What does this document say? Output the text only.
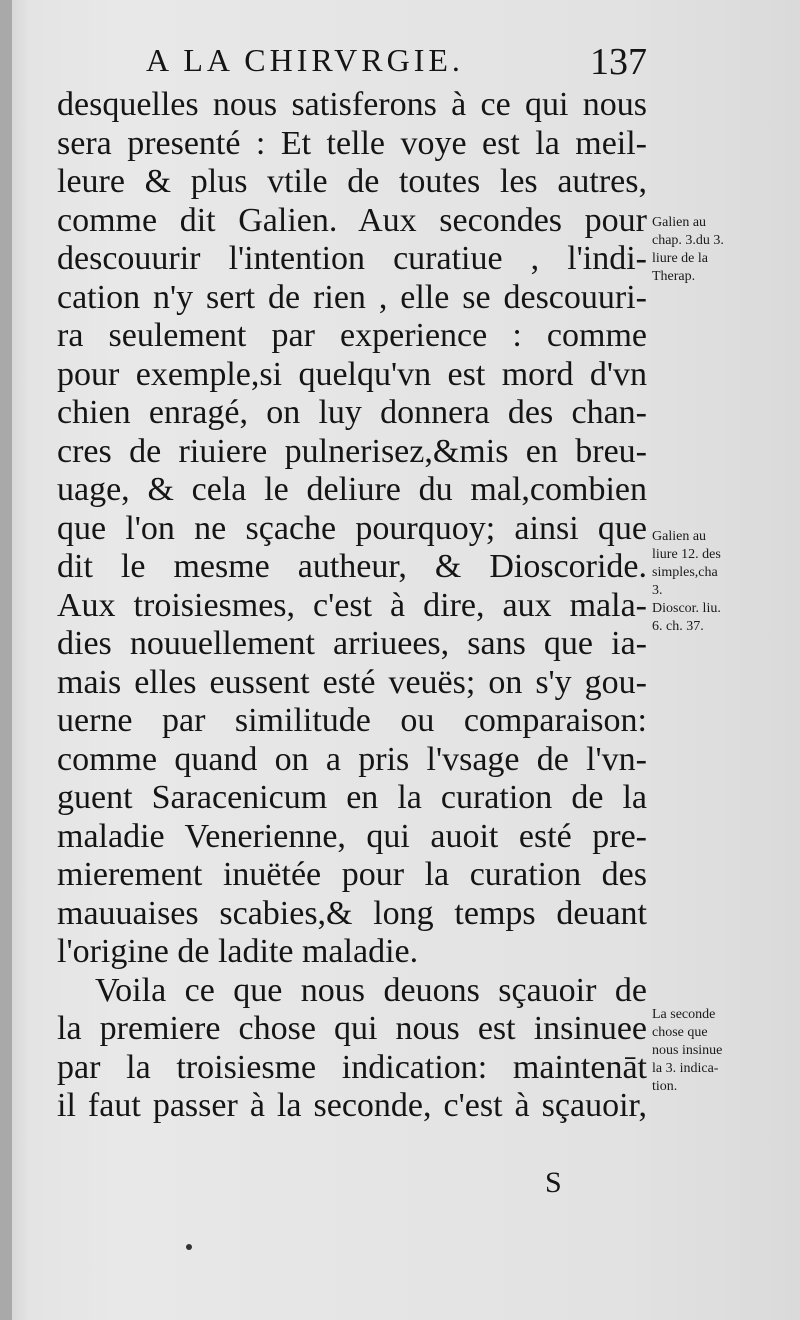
A LA CHIRVRGIE.	137
desquelles nous satisferons à ce qui nous
sera presenté : Et telle voye est la meil-
leure & plus vtile de toutes les autres,
comme dit Galien. Aux secondes pour
descouurir l'intention curatiue , l'indi-
cation n'y sert de rien , elle se descouuri-
ra seulement par experience : comme
pour exemple,si quelqu'vn est mord d'vn
chien enragé, on luy donnera des chan-
cres de riuiere pulnerisez,&mis en breu-
uage, & cela le deliure du mal,combien
que l'on ne sçache pourquoy; ainsi que
dit le mesme autheur, & Dioscoride.
Aux troisiesmes, c'est à dire, aux mala-
dies nouuellement arriuees, sans que ia-
mais elles eussent esté veuës; on s'y gou-
uerne par similitude ou comparaison:
comme quand on a pris l'vsage de l'vn-
guent Saracenicum en la curation de la
maladie Venerienne, qui auoit esté pre-
mierement inuëtée pour la curation des
mauuaises scabies,& long temps deuant
l'origine de ladite maladie.
Voila ce que nous deuons sçauoir de
la premiere chose qui nous est insinuee
par la troisiesme indication: maintenāt
il faut passer à la seconde, c'est à sçauoir,
Galien au
chap. 3.du 3.
liure de la
Therap.
Galien au
liure 12. des
simples,cha
3.
Dioscor. liu.
6. ch. 37.
La seconde
chose que
nous insinue
la 3. indica-
tion.
S
